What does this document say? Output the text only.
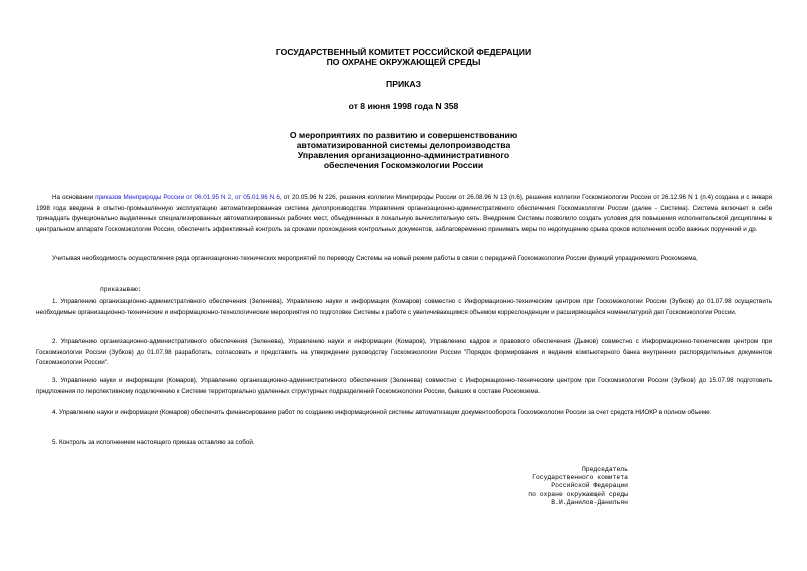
ГОСУДАРСТВЕННЫЙ КОМИТЕТ РОССИЙСКОЙ ФЕДЕРАЦИИ
ПО ОХРАНЕ ОКРУЖАЮЩЕЙ СРЕДЫ
ПРИКАЗ
от 8 июня 1998 года N 358
О мероприятиях по развитию и совершенствованию
автоматизированной системы делопроизводства
Управления организационно-административного
обеспечения Госкомэкологии России

На основании приказов Минприроды России от 06.01.95 N 2, от 05.01.96 N 6, от 20.05.96 N 226, решения коллегии Минприроды России от 26.08.96 N 13 (п.6), решения коллегии Госкомэкологии России от 26.12.96 N 1 (п.4) создана и с января 1998 года введена в опытно-промышленную эксплуатацию автоматизированная система делопроизводства Управления организационно-административного обеспечения Госкомэкологии России (далее - Система). Система включает в себя тринадцать функционально выделенных специализированных автоматизированных рабочих мест, объединенных в локальную вычислительную сеть. Внедрение Системы позволило создать условия для повышения исполнительской дисциплины в центральном аппарате Госкомэкологии России, обеспечить эффективный контроль за сроками прохождения контрольных документов, заблаговременно принимать меры по недопущению срыва сроков исполнения особо важных поручений и др.

Учитывая необходимость осуществления ряда организационно-технических мероприятий по переводу Системы на новый режим работы в связи с передачей Госкомэкологии России функций упраздняемого Роскомзема,

приказываю:

1. Управлению организационно-административного обеспечения (Зеленева), Управлению науки и информации (Комаров) совместно с Информационно-техническим центром при Госкомэкологии России (Зубков) до 01.07.98 осуществить необходимые организационно-технические и информационно-технологические мероприятия по подготовке Системы к работе с увеличивающимся объемом корреспонденции и расширяющейся номенклатурой дел Госкомэкологии России.

2. Управлению организационно-административного обеспечения (Зеленева), Управлению науки и информации (Комаров), Управлению кадров и правового обеспечения (Дымов) совместно с Информационно-техническим центром при Госкомэкологии России (Зубков) до 01.07.98 разработать, согласовать и представить на утверждение руководству Госкомэкологии России "Порядок формирования и ведения компьютерного банка внутренних распорядительных документов Госкомэкологии России".

3. Управлению науки и информации (Комаров), Управлению организационно-административного обеспечения (Зеленева) совместно с Информационно-техническим центром при Госкомэкологии России (Зубков) до 15.07.98 подготовить предложения по перспективному подключению к Системе территориально удаленных структурных подразделений Госкомэкологии России, бывших в составе Роскомзема.

4. Управлению науки и информации (Комаров) обеспечить финансирование работ по созданию информационной системы автоматизации документооборота Госкомэкологии России за счет средств НИОКР в полном объеме.

5. Контроль за исполнением настоящего приказа оставляю за собой.

Председатель
Государственного комитета
Российской Федерации
по охране окружающей среды
В.И.Данилов-Данильян
